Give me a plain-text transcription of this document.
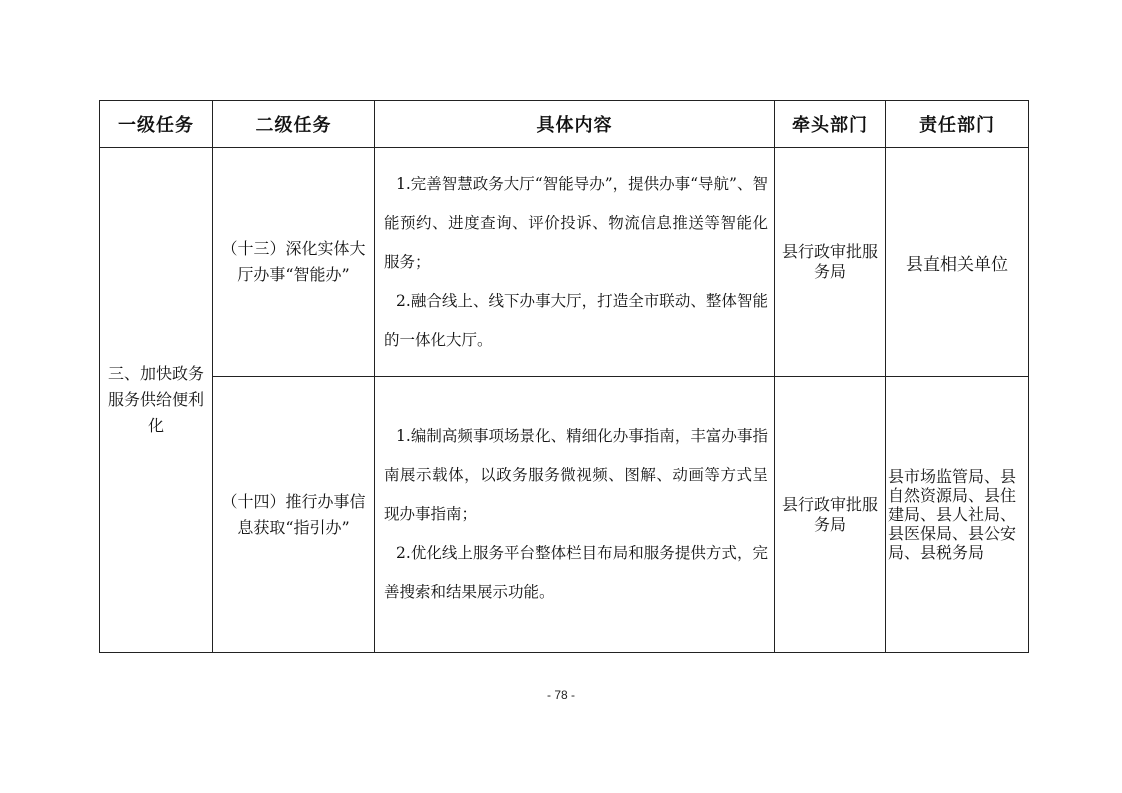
一级任务	二级任务	具体内容	牵头部门	责任部门
三、加快政务服务供给便利化	（十三）深化实体大厅办事“智能办”	1.完善智慧政务大厅“智能导办”，提供办事“导航”、智能预约、进度查询、评价投诉、物流信息推送等智能化服务；

2.融合线上、线下办事大厅，打造全市联动、整体智能的一体化大厅。	县行政审批服务局	县直相关单位
	（十四）推行办事信息获取“指引办”	1.编制高频事项场景化、精细化办事指南，丰富办事指南展示载体，以政务服务微视频、图解、动画等方式呈现办事指南；

2.优化线上服务平台整体栏目布局和服务提供方式，完善搜索和结果展示功能。	县行政审批服务局	县市场监管局、县自然资源局、县住建局、县人社局、县医保局、县公安局、县税务局
- 78 -
